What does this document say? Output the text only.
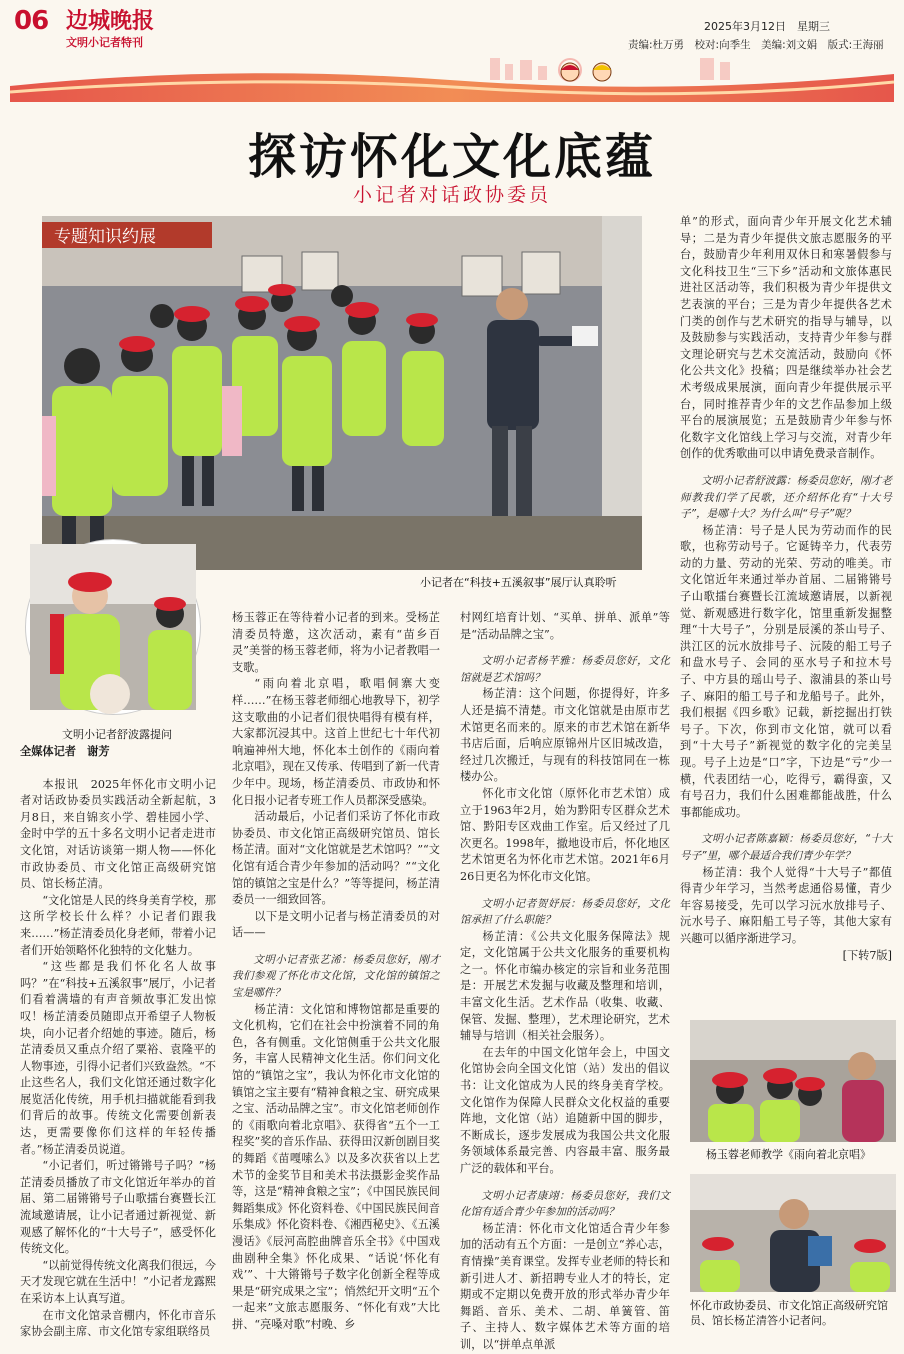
06 边城晚报
文明小记者特刊
2025年3月12日　星期三
责编:杜万勇　校对:向季生　美编:刘文娟　版式:王海丽
探访怀化文化底蕴
小记者对话政协委员
专题知识约展
小记者在“科技+五溪叙事”展厅认真聆听
文明小记者舒波露提问

全媒体记者　谢芳

本报讯　2025年怀化市文明小记者对话政协委员实践活动全新起航，3月8日，来自锦亥小学、碧桂园小学、金时中学的五十多名文明小记者走进市文化馆，对话访谈第一期人物——怀化市政协委员、市文化馆正高级研究馆员、馆长杨芷清。

“文化馆是人民的终身美育学校，那这所学校长什么样？小记者们跟我来……”杨芷清委员化身老师，带着小记者们开始领略怀化独特的文化魅力。

“这些都是我们怀化名人故事吗？”在“科技+五溪叙事”展厅，小记者们看着满墙的有声音频故事汇发出惊叹！杨芷清委员随即点开希望子人物板块，向小记者介绍她的事迹。随后，杨芷清委员又重点介绍了粟裕、袁隆平的人物事迹，引得小记者们兴致盎然。“不止这些名人，我们文化馆还通过数字化展览活化传统，用手机扫描就能看到我们背后的故事。传统文化需要创新表达，更需要像你们这样的年轻传播者。”杨芷清委员说道。

“小记者们，听过锵锵号子吗？”杨芷清委员播放了市文化馆近年举办的首届、第二届锵锵号子山歌擂台赛暨长江流域邀请展，让小记者通过新视觉、新观感了解怀化的“十大号子”，感受怀化传统文化。

“以前觉得传统文化离我们很远，今天才发现它就在生活中！”小记者龙露熙在采访本上认真写道。

在市文化馆录音棚内，怀化市音乐家协会副主席、市文化馆专家组联络员

杨玉蓉正在等待着小记者的到来。受杨芷清委员特邀，这次活动，素有“苗乡百灵”美誉的杨玉蓉老师，将为小记者教唱一支歌。

“雨向着北京唱，歌唱侗寨大变样……”在杨玉蓉老师细心地教导下，初学这支歌曲的小记者们很快唱得有模有样，大家都沉浸其中。这首上世纪七十年代初响遍神州大地，怀化本土创作的《雨向着北京唱》，现在又传承、传唱到了新一代青少年中。现场，杨芷清委员、市政协和怀化日报小记者专班工作人员都深受感染。

活动最后，小记者们采访了怀化市政协委员、市文化馆正高级研究馆员、馆长杨芷清。面对“文化馆就是艺术馆吗？”“文化馆有适合青少年参加的活动吗？”“文化馆的镇馆之宝是什么？”等等提问，杨芷清委员一一细致回答。

以下是文明小记者与杨芷清委员的对话——

文明小记者张艺浠：杨委员您好，刚才我们参观了怀化市文化馆，文化馆的镇馆之宝是哪件？

杨芷清：文化馆和博物馆都是重要的文化机构，它们在社会中扮演着不同的角色，各有侧重。文化馆侧重于公共文化服务，丰富人民精神文化生活。你们问文化馆的“镇馆之宝”，我认为怀化市文化馆的镇馆之宝主要有“精神食粮之宝、研究成果之宝、活动品牌之宝”。市文化馆老师创作的《雨歌向着北京唱》、获得省“五个一工程奖”奖的音乐作品、获得田汉新创剧目奖的舞蹈《苗嘎嗦么》以及多次获省以上艺术节的金奖节目和美术书法摄影金奖作品等，这是“精神食粮之宝”；《中国民族民间舞蹈集成》怀化资料卷、《中国民族民间音乐集成》怀化资料卷、《湘西秘史》、《五溪漫话》《辰河高腔曲牌音乐全书》《中国戏曲剧种全集》怀化成果、“话说‘怀化有戏’”、十大锵锵号子数字化创新全程等成果是“研究成果之宝”；悄然纪开文明“五个一起来”文旅志愿服务、“怀化有戏”大比拼、“亮嗓对歌”村晚、乡

村网红培育计划、“买单、拼单、派单”等是“活动品牌之宝”。

文明小记者杨芊雅：杨委员您好，文化馆就是艺术馆吗？

杨芷清：这个问题，你提得好，许多人还是搞不清楚。市文化馆就是由原市艺术馆更名而来的。原来的市艺术馆在新华书店后面，后响应原锦州片区旧城改造，经过几次搬迁，与现有的科技馆同在一栋楼办公。

怀化市文化馆（原怀化市艺术馆）成立于1963年2月，始为黔阳专区群众艺术馆、黔阳专区戏曲工作室。后又经过了几次更名。1998年，撤地设市后，怀化地区艺术馆更名为怀化市艺术馆。2021年6月26日更名为怀化市文化馆。

文明小记者贺妤辰：杨委员您好，文化馆承担了什么职能？

杨芷清：《公共文化服务保障法》规定，文化馆属于公共文化服务的重要机构之一。怀化市编办核定的宗旨和业务范围是：开展艺术发掘与收藏及整理和培训，丰富文化生活。艺术作品（收集、收藏、保管、发掘、整理），艺术理论研究，艺术辅导与培训（相关社会服务）。

在去年的中国文化馆年会上，中国文化馆协会向全国文化馆（站）发出的倡议书：让文化馆成为人民的终身美育学校。文化馆作为保障人民群众文化权益的重要阵地，文化馆（站）追随新中国的脚步，不断成长，逐步发展成为我国公共文化服务领域体系最完善、内容最丰富、服务最广泛的载体和平台。

文明小记者康翊：杨委员您好，我们文化馆有适合青少年参加的活动吗？

杨芷清：怀化市文化馆适合青少年参加的活动有五个方面：一是创立“养心志，育情操”美育课堂。发挥专业老师的特长和新引进人才、新招聘专业人才的特长，定期或不定期以免费开放的形式举办青少年舞蹈、音乐、美术、二胡、单簧管、笛子、主持人、数字媒体艺术等方面的培训，以“拼单点单派

单”的形式，面向青少年开展文化艺术辅导；二是为青少年提供文旅志愿服务的平台，鼓励青少年利用双休日和寒暑假参与文化科技卫生“三下乡”活动和文旅体惠民进社区活动等，我们积极为青少年提供文艺表演的平台；三是为青少年提供各艺术门类的创作与艺术研究的指导与辅导，以及鼓励参与实践活动，支持青少年参与群文理论研究与艺术交流活动，鼓励向《怀化公共文化》投稿；四是继续举办社会艺术考级成果展演，面向青少年提供展示平台，同时推荐青少年的文艺作品参加上级平台的展演展览；五是鼓励青少年参与怀化数字文化馆线上学习与交流，对青少年创作的优秀歌曲可以申请免费录音制作。

文明小记者舒波露：杨委员您好，刚才老师教我们学了民歌，还介绍怀化有“十大号子”，是哪十大？为什么叫“号子”呢？

杨芷清：号子是人民为劳动而作的民歌，也称劳动号子。它诞铸辛力，代表劳动的力量、劳动的光荣、劳动的唯美。市文化馆近年来通过举办首届、二届锵锵号子山歌擂台赛暨长江流域邀请展，以新视觉、新观感进行数字化，馆里重新发掘整理“十大号子”，分别是辰溪的茶山号子、洪江区的沅水放排号子、沅陵的船工号子和盘水号子、会同的巫水号子和拉木号子、中方县的瑶山号子、溆浦县的茶山号子、麻阳的船工号子和龙船号子。此外，我们根据《四乡歌》记载，新挖掘出打铁号子。下次，你到市文化馆，就可以看到“十大号子”新视觉的数字化的完美呈现。号子上边是“口”字，下边是“亏”少一横，代表团结一心，吃得亏，霸得蛮，又有号召力，我们什么困难都能战胜，什么事都能成功。

文明小记者陈嘉颖：杨委员您好，“十大号子”里，哪个最适合我们青少年学？

杨芷清：我个人觉得“十大号子”都值得青少年学习，当然考虑通俗易懂，青少年容易接受，先可以学习沅水放排号子、沅水号子、麻阳船工号子等，其他大家有兴趣可以循序渐进学习。

[下转7版]

杨玉蓉老师教学《雨向着北京唱》
怀化市政协委员、市文化馆正高级研究馆员、馆长杨芷清答小记者问。
